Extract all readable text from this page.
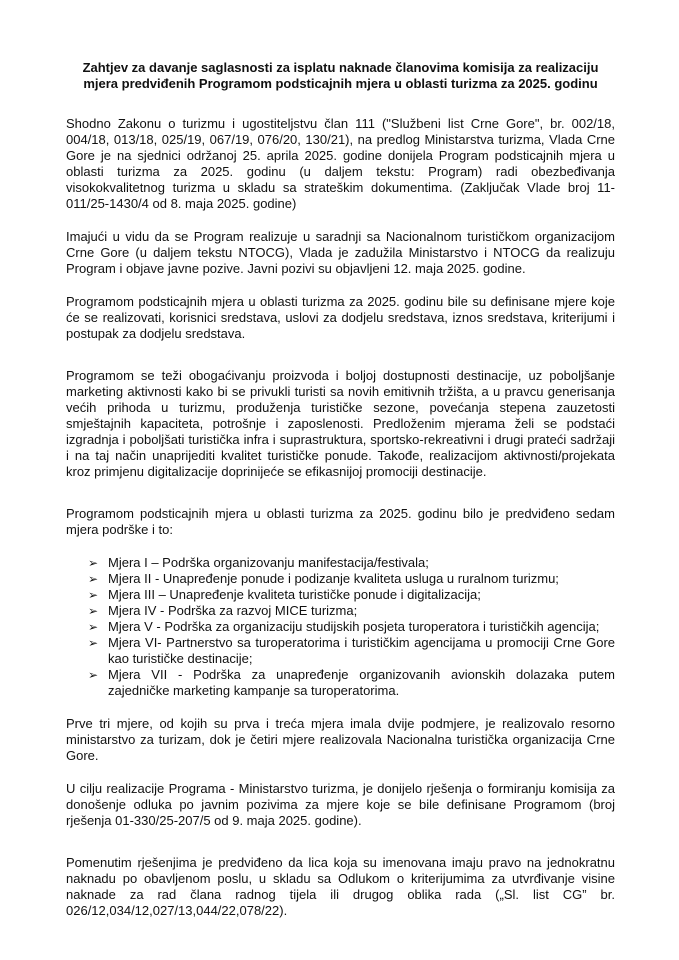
Zahtjev za davanje saglasnosti za isplatu naknade članovima komisija za realizaciju mjera predviđenih Programom podsticajnih mjera u oblasti turizma za 2025. godinu

Shodno Zakonu o turizmu i ugostiteljstvu član 111 ("Službeni list Crne Gore", br. 002/18, 004/18, 013/18, 025/19, 067/19, 076/20, 130/21), na predlog Ministarstva turizma, Vlada Crne Gore je na sjednici održanoj 25. aprila 2025. godine donijela Program podsticajnih mjera u oblasti turizma za 2025. godinu (u daljem tekstu: Program) radi obezbeđivanja visokokvalitetnog turizma u skladu sa strateškim dokumentima. (Zaključak Vlade broj 11-011/25-1430/4 od 8. maja 2025. godine)

Imajući u vidu da se Program realizuje u saradnji sa Nacionalnom turističkom organizacijom Crne Gore (u daljem tekstu NTOCG), Vlada je zadužila Ministarstvo i NTOCG da realizuju Program i objave javne pozive. Javni pozivi su objavljeni 12. maja 2025. godine.

Programom podsticajnih mjera u oblasti turizma za 2025. godinu bile su definisane mjere koje će se realizovati, korisnici sredstava, uslovi za dodjelu sredstava, iznos sredstava, kriterijumi i postupak za dodjelu sredstava.

Programom se teži obogaćivanju proizvoda i boljoj dostupnosti destinacije, uz poboljšanje marketing aktivnosti kako bi se privukli turisti sa novih emitivnih tržišta, a u pravcu generisanja većih prihoda u turizmu, produženja turističke sezone, povećanja stepena zauzetosti smještajnih kapaciteta, potrošnje i zaposlenosti. Predloženim mjerama želi se podstaći izgradnja i poboljšati turistička infra i suprastruktura, sportsko-rekreativni i drugi prateći sadržaji i na taj način unaprijediti kvalitet turističke ponude. Takođe, realizacijom aktivnosti/projekata kroz primjenu digitalizacije doprinijeće se efikasnijoj promociji destinacije.

Programom podsticajnih mjera u oblasti turizma za 2025. godinu bilo je predviđeno sedam mjera podrške i to:

➢ Mjera I – Podrška organizovanju manifestacija/festivala;
➢ Mjera II - Unapređenje ponude i podizanje kvaliteta usluga u ruralnom turizmu;
➢ Mjera III – Unapređenje kvaliteta turističke ponude i digitalizacija;
➢ Mjera IV - Podrška za razvoj MICE turizma;
➢ Mjera V - Podrška za organizaciju studijskih posjeta turoperatora i turističkih agencija;
➢ Mjera VI- Partnerstvo sa turoperatorima i turističkim agencijama u promociji Crne Gore kao turističke destinacije;
➢ Mjera VII - Podrška za unapređenje organizovanih avionskih dolazaka putem zajedničke marketing kampanje sa turoperatorima.

Prve tri mjere, od kojih su prva i treća mjera imala dvije podmjere, je realizovalo resorno ministarstvo za turizam, dok je četiri mjere realizovala Nacionalna turistička organizacija Crne Gore.

U cilju realizacije Programa - Ministarstvo turizma, je donijelo rješenja o formiranju komisija za donošenje odluka po javnim pozivima za mjere koje se bile definisane Programom (broj rješenja 01-330/25-207/5 od 9. maja 2025. godine).

Pomenutim rješenjima je predviđeno da lica koja su imenovana imaju pravo na jednokratnu naknadu po obavljenom poslu, u skladu sa Odlukom o kriterijumima za utvrđivanje visine naknade za rad člana radnog tijela ili drugog oblika rada („Sl. list CG” br. 026/12,034/12,027/13,044/22,078/22).
